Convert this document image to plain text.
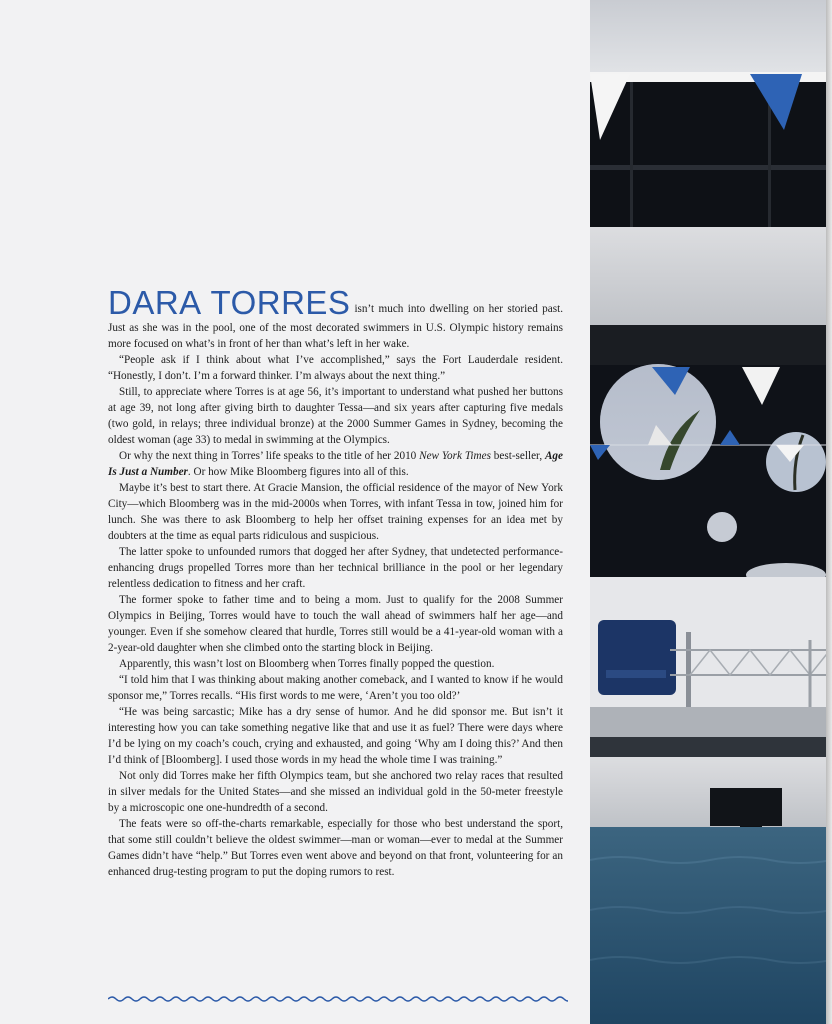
DARA TORRES isn’t much into dwelling on her storied past. Just as she was in the pool, one of the most decorated swimmers in U.S. Olympic history remains more focused on what’s in front of her than what’s left in her wake.

“People ask if I think about what I’ve accomplished,” says the Fort Lauderdale resident. “Honestly, I don’t. I’m a forward thinker. I’m always about the next thing.”

Still, to appreciate where Torres is at age 56, it’s important to understand what pushed her buttons at age 39, not long after giving birth to daughter Tessa—and six years after capturing five medals (two gold, in relays; three individual bronze) at the 2000 Summer Games in Sydney, becoming the oldest woman (age 33) to medal in swimming at the Olympics.

Or why the next thing in Torres’ life speaks to the title of her 2010 New York Times best-seller, Age Is Just a Number. Or how Mike Bloomberg figures into all of this.

Maybe it’s best to start there. At Gracie Mansion, the official residence of the mayor of New York City—which Bloomberg was in the mid-2000s when Torres, with infant Tessa in tow, joined him for lunch. She was there to ask Bloomberg to help her offset training expenses for an idea met by doubters at the time as equal parts ridiculous and suspicious.

The latter spoke to unfounded rumors that dogged her after Sydney, that undetected performance-enhancing drugs propelled Torres more than her technical brilliance in the pool or her legendary relentless dedication to fitness and her craft.

The former spoke to father time and to being a mom. Just to qualify for the 2008 Summer Olympics in Beijing, Torres would have to touch the wall ahead of swimmers half her age—and younger. Even if she somehow cleared that hurdle, Torres still would be a 41-year-old woman with a 2-year-old daughter when she climbed onto the starting block in Beijing.

Apparently, this wasn’t lost on Bloomberg when Torres finally popped the question.

“I told him that I was thinking about making another comeback, and I wanted to know if he would sponsor me,” Torres recalls. “His first words to me were, ‘Aren’t you too old?’

“He was being sarcastic; Mike has a dry sense of humor. And he did sponsor me. But isn’t it interesting how you can take something negative like that and use it as fuel? There were days where I’d be lying on my coach’s couch, crying and exhausted, and going ‘Why am I doing this?’ And then I’d think of [Bloomberg]. I used those words in my head the whole time I was training.”

Not only did Torres make her fifth Olympics team, but she anchored two relay races that resulted in silver medals for the United States—and she missed an individual gold in the 50-meter freestyle by a microscopic one one-hundredth of a second.

The feats were so off-the-charts remarkable, especially for those who best understand the sport, that some still couldn’t believe the oldest swimmer—man or woman—ever to medal at the Summer Games didn’t have “help.” But Torres even went above and beyond on that front, volunteering for an enhanced drug-testing program to put the doping rumors to rest.
